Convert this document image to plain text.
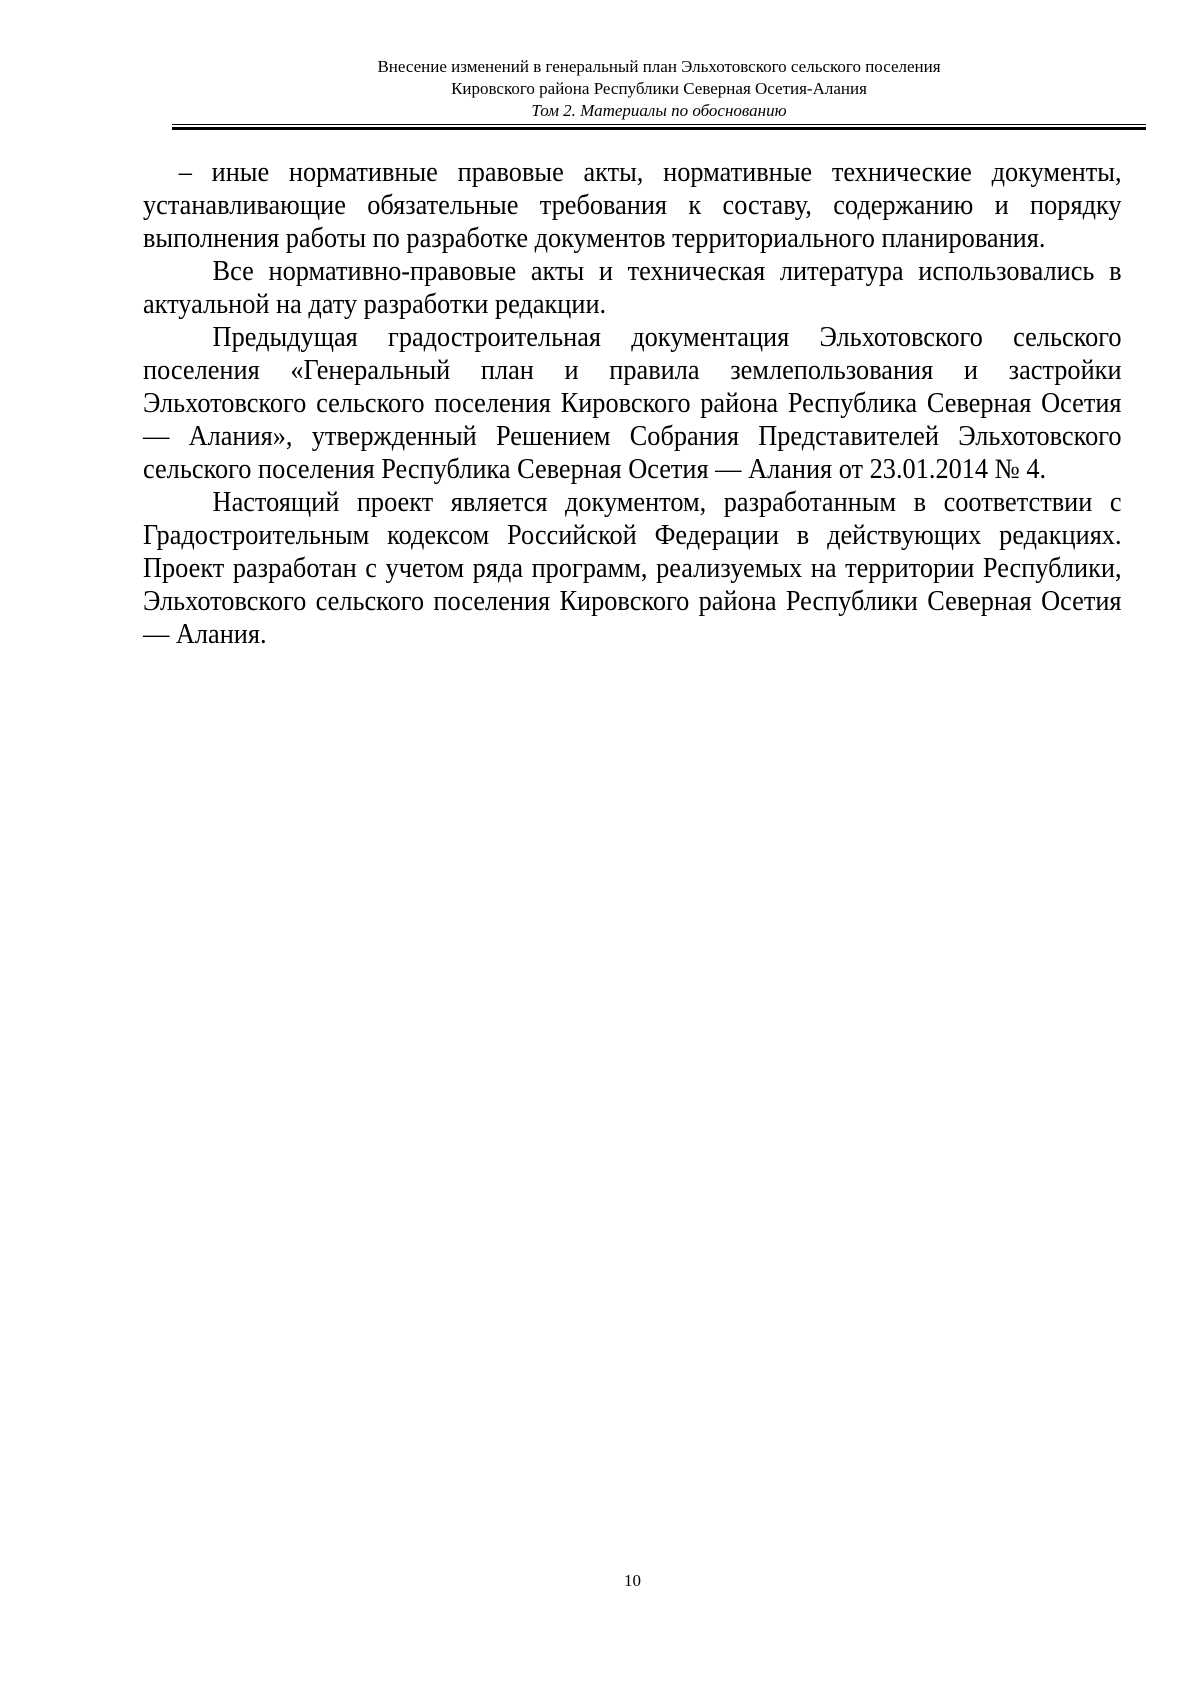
Внесение изменений в генеральный план Эльхотовского сельского поселения
Кировского района Республики Северная Осетия-Алания
Том 2. Материалы по обоснованию

– иные нормативные правовые акты, нормативные технические документы, устанавливающие обязательные требования к составу, содержанию и порядку выполнения работы по разработке документов территориального планирования.

Все нормативно-правовые акты и техническая литература использовались в актуальной на дату разработки редакции.

Предыдущая градостроительная документация Эльхотовского сельского поселения «Генеральный план и правила землепользования и застройки Эльхотовского сельского поселения Кировского района Республика Северная Осетия — Алания», утвержденный Решением Собрания Представителей Эльхотовского сельского поселения Республика Северная Осетия — Алания от 23.01.2014 № 4.

Настоящий проект является документом, разработанным в соответствии с Градостроительным кодексом Российской Федерации в действующих редакциях. Проект разработан с учетом ряда программ, реализуемых на территории Республики, Эльхотовского сельского поселения Кировского района Республики Северная Осетия — Алания.

10
